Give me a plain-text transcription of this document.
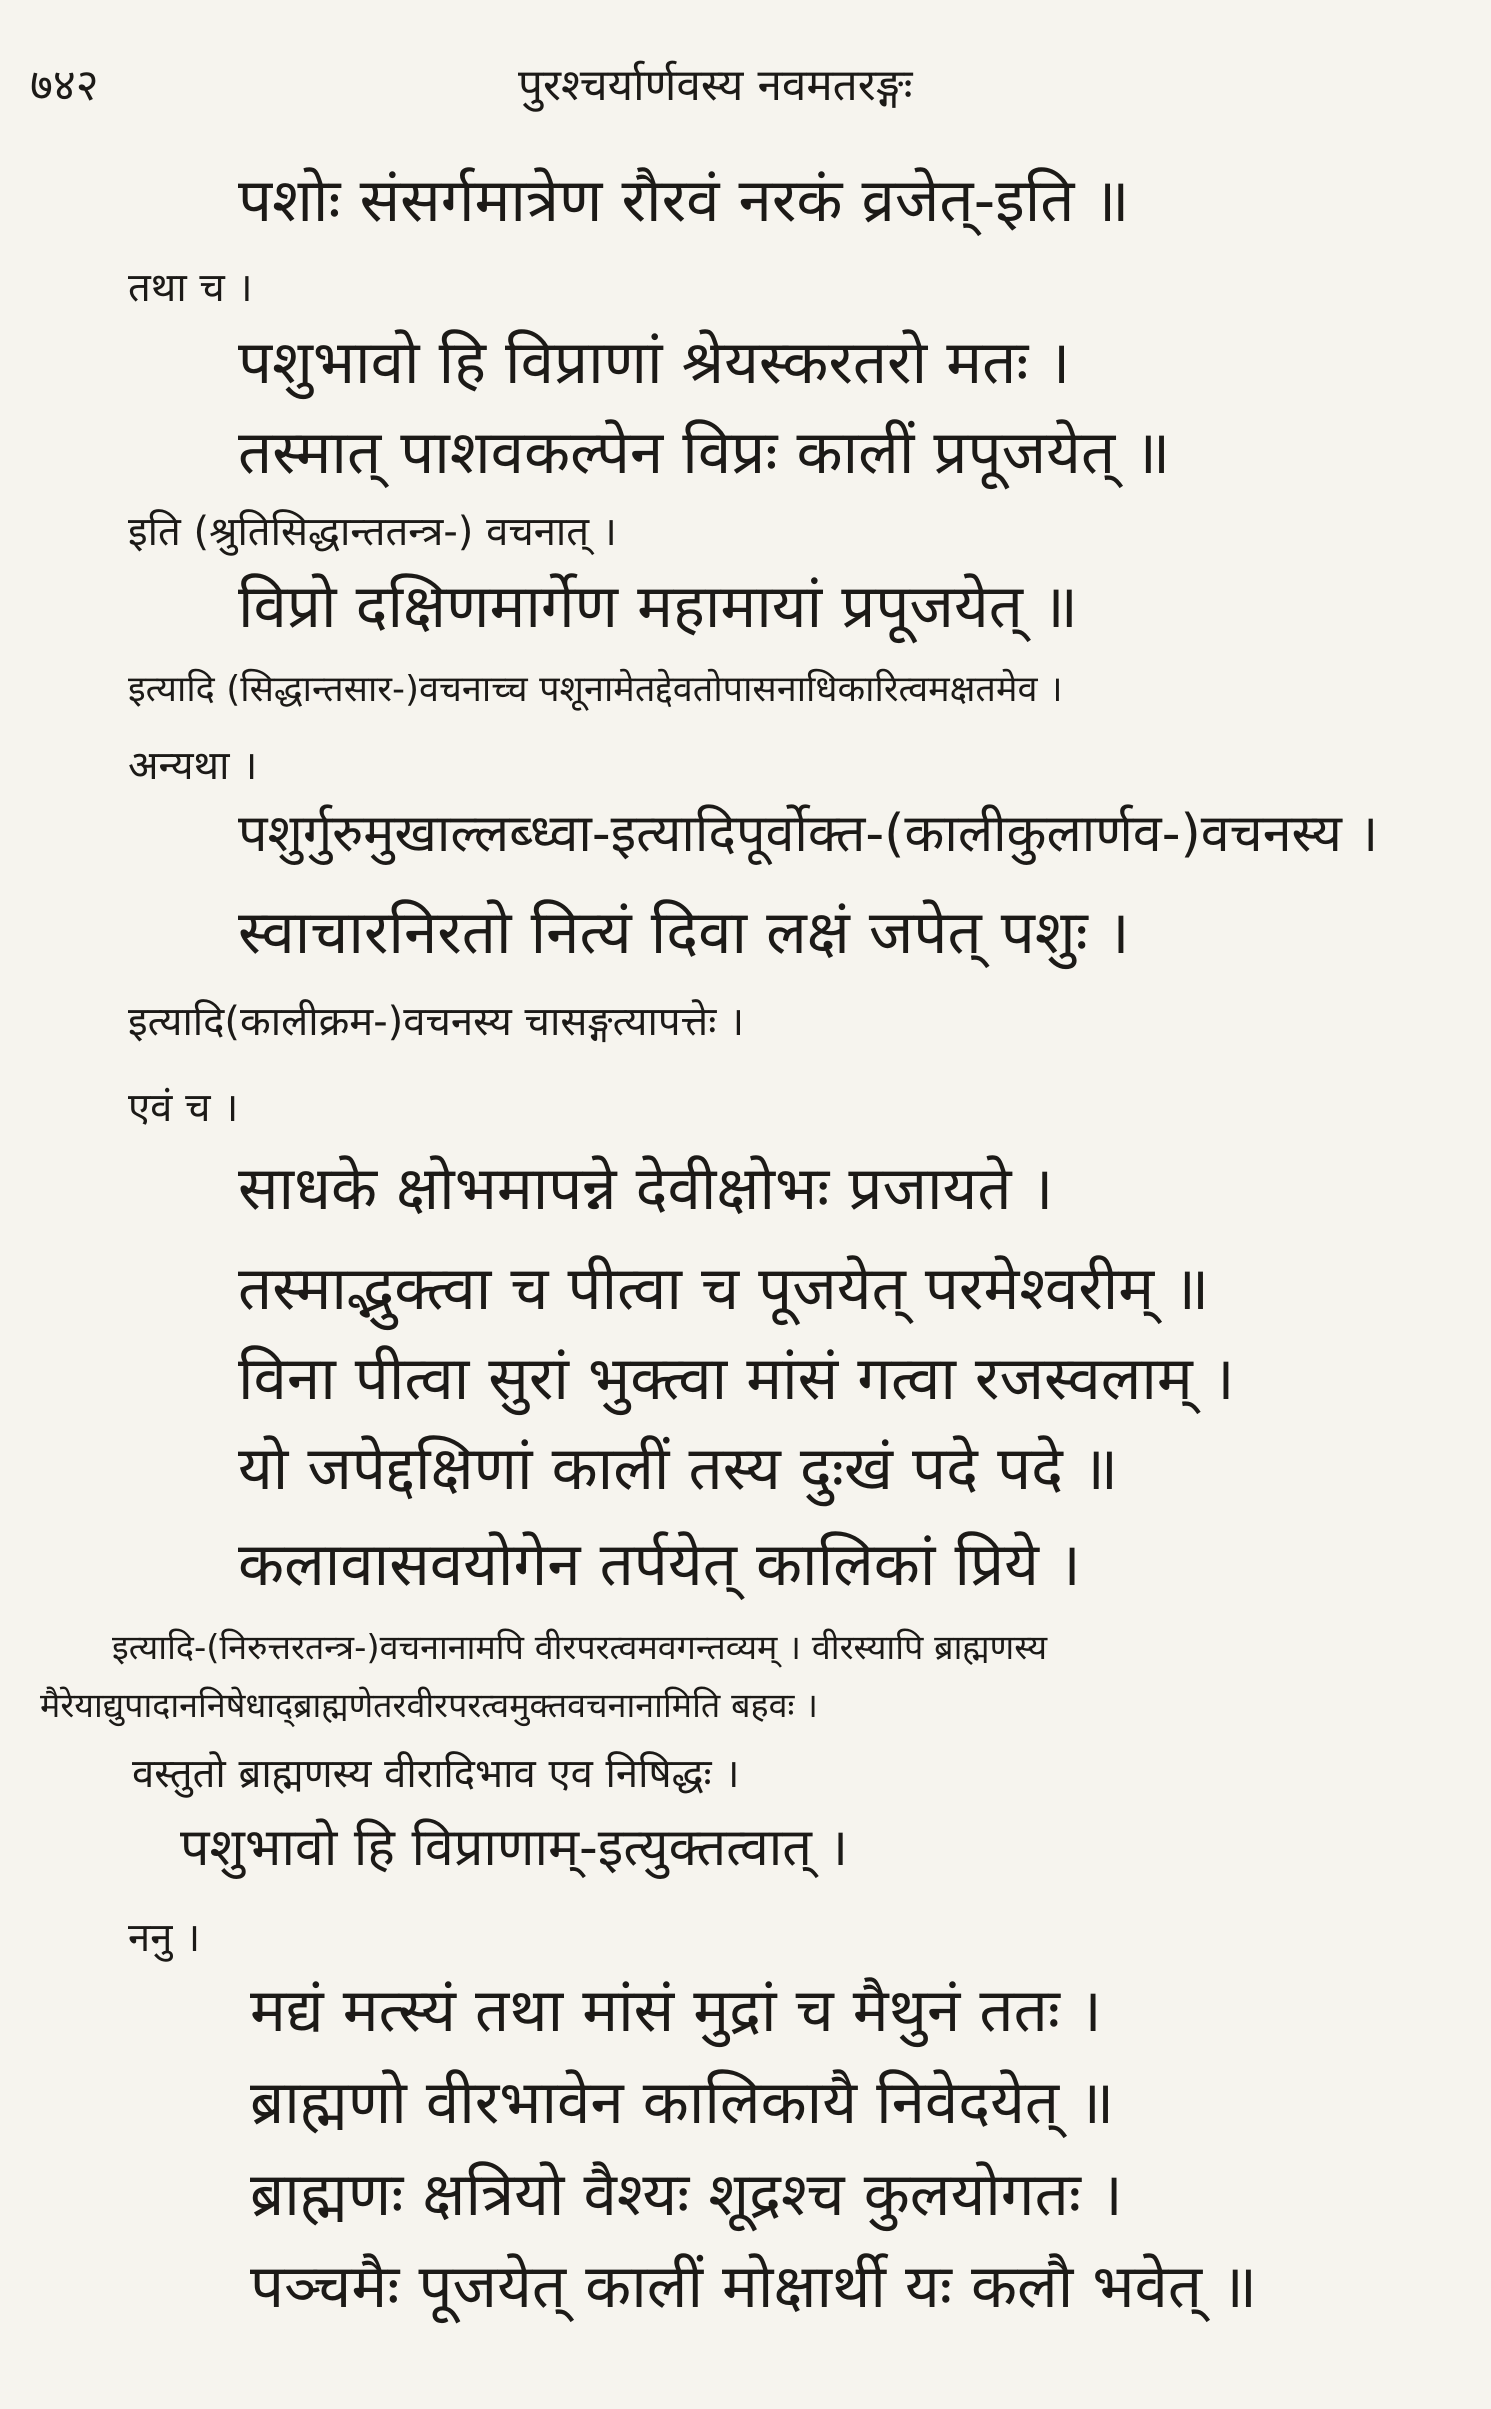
७४२	पुरश्चर्यार्णवस्य नवमतरङ्गः
पशोः संसर्गमात्रेण रौरवं नरकं व्रजेत्-इति ॥
तथा च ।
पशुभावो हि विप्राणां श्रेयस्करतरो मतः ।
तस्मात् पाशवकल्पेन विप्रः कालीं प्रपूजयेत् ॥
इति (श्रुतिसिद्धान्ततन्त्र-) वचनात् ।
विप्रो दक्षिणमार्गेण महामायां प्रपूजयेत् ॥
इत्यादि (सिद्धान्तसार-)वचनाच्च पशूनामेतद्देवतोपासनाधिकारित्वमक्षतमेव ।
अन्यथा ।
पशुर्गुरुमुखाल्लब्ध्वा-इत्यादिपूर्वोक्त-(कालीकुलार्णव-)वचनस्य ।
स्वाचारनिरतो नित्यं दिवा लक्षं जपेत् पशुः ।
इत्यादि(कालीक्रम-)वचनस्य चासङ्गत्यापत्तेः ।
एवं च ।
साधके क्षोभमापन्ने देवीक्षोभः प्रजायते ।
तस्माद्भुक्त्वा च पीत्वा च पूजयेत् परमेश्वरीम् ॥
विना पीत्वा सुरां भुक्त्वा मांसं गत्वा रजस्वलाम् ।
यो जपेद्दक्षिणां कालीं तस्य दुःखं पदे पदे ॥
कलावासवयोगेन तर्पयेत् कालिकां प्रिये ।
इत्यादि-(निरुत्तरतन्त्र-)वचनानामपि वीरपरत्वमवगन्तव्यम् । वीरस्यापि ब्राह्मणस्य
मैरेयाद्युपादाननिषेधाद्ब्राह्मणेतरवीरपरत्वमुक्तवचनानामिति बहवः ।
वस्तुतो ब्राह्मणस्य वीरादिभाव एव निषिद्धः ।
पशुभावो हि विप्राणाम्-इत्युक्तत्वात् ।
ननु ।
मद्यं मत्स्यं तथा मांसं मुद्रां च मैथुनं ततः ।
ब्राह्मणो वीरभावेन कालिकायै निवेदयेत् ॥
ब्राह्मणः क्षत्रियो वैश्यः शूद्रश्च कुलयोगतः ।
पञ्चमैः पूजयेत् कालीं मोक्षार्थी यः कलौ भवेत् ॥
